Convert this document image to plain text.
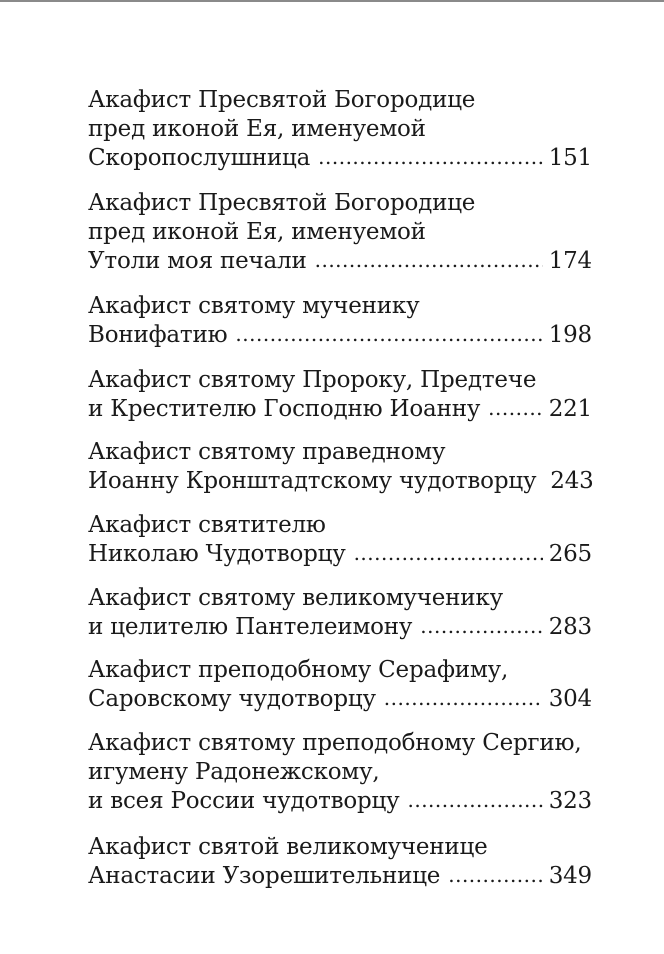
Акафист Пресвятой Богородице
пред иконой Ея, именуемой
Скоропослушница .....	151
Акафист Пресвятой Богородице
пред иконой Ея, именуемой
Утоли моя печали .....	174
Акафист святому мученику
Вонифатию .....	198
Акафист святому Пророку, Предтече
и Крестителю Господню Иоанну .....	221
Акафист святому праведному
Иоанну Кронштадтскому чудотворцу 243
Акафист святителю
Николаю Чудотворцу .....	265
Акафист святому великомученику
и целителю Пантелеимону .....	283
Акафист преподобному Серафиму,
Саровскому чудотворцу .....	304
Акафист святому преподобному Сергию,
игумену Радонежскому,
и всея России чудотворцу .....	323
Акафист святой великомученице
Анастасии Узорешительнице .....	349
